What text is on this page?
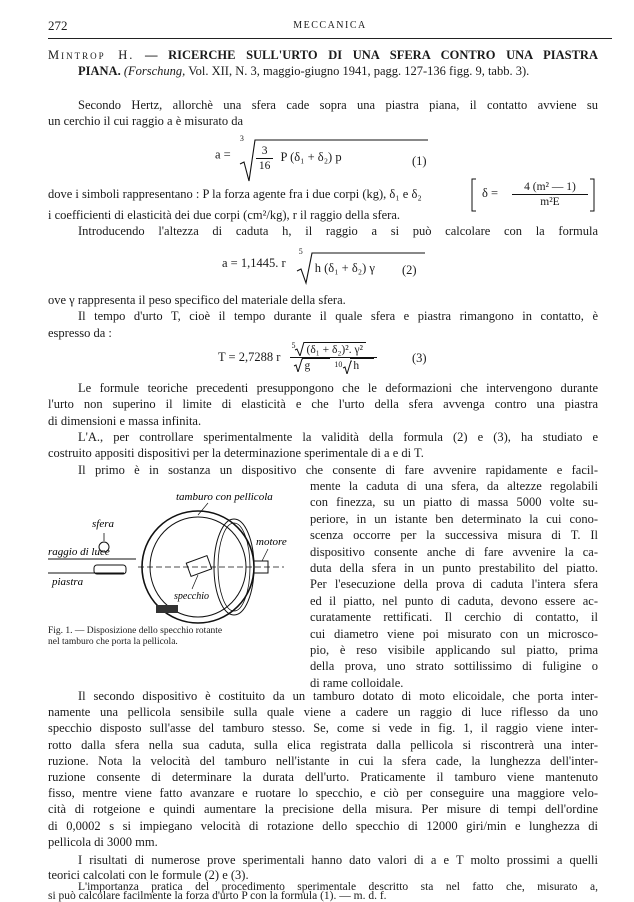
272	MECCANICA
Mintrop H. — RICERCHE SULL'URTO DI UNA SFERA CONTRO UNA PIASTRA
PIANA. (Forschung, Vol. XII, N. 3, maggio-giugno 1941, pagg. 127-136 figg. 9, tabb. 3).
Secondo Hertz, allorchè una sfera cade sopra una piastra piana, il contatto avviene su
un cerchio il cui raggio a è misurato da
a =
3
$\frac{3}{16}$ P (δ₁ + δ₂) p	(1)
dove i simboli rappresentano : P la forza agente fra i due corpi (kg), δ₁ e δ₂	$\delta = \frac{\text{4 (m² — 1)}}{\text{m²E}}$
i coefficienti di elasticità dei due corpi (cm²/kg), r il raggio della sfera.
Introducendo l'altezza di caduta h, il raggio a si può calcolare con la formula
a = 1,1445. r
5
h (δ₁ + δ₂) γ (2)
ove γ rappresenta il peso specifico del materiale della sfera.
Il tempo d'urto T, cioè il tempo durante il quale sfera e piastra rimangono in contatto, è
espresso da :
T = 2,7288 r
5 (δ₁ + δ₂)². γ²
g	10 h
(3)
Le formule teoriche precedenti presuppongono che le deformazioni che intervengono durante
l'urto non superino il limite di elasticità e che l'urto della sfera avvenga contro una piastra
di dimensioni e massa infinita.
L'A., per controllare sperimentalmente la validità della formula (2) e (3), ha studiato e
costruito appositi dispositivi per la determinazione sperimentale di a e di T.
Il primo è in sostanza un dispositivo che consente di fare avvenire rapidamente e facil-
mente la caduta di una sfera, da altezze regolabili
con finezza, su un piatto di massa 5000 volte su-
periore, in un istante ben determinato la cui cono-
scenza occorre per la successiva misura di T. Il
dispositivo consente anche di fare avvenire la ca-
duta della sfera in un punto prestabilito del piatto.
Per l'esecuzione della prova di caduta l'intera sfera
ed il piatto, nel punto di caduta, devono essere ac-
curatamente rettificati. Il cerchio di contatto, il
cui diametro viene poi misurato con un microsco-
pio, è reso visibile applicando sul piatto, prima
della prova, uno strato sottilissimo di fuligine o
di rame colloidale.
tamburo con pellicola
sfera
raggio di luce
piastra
motore
specchio
Fig. 1. — Disposizione dello specchio rotante
nel tamburo che porta la pellicola.
Il secondo dispositivo è costituito da un tamburo dotato di moto elicoidale, che porta inter-
namente una pellicola sensibile sulla quale viene a cadere un raggio di luce riflesso da uno
specchio disposto sull'asse del tamburo stesso. Se, come si vede in fig. 1, il raggio viene inter-
rotto dalla sfera nella sua caduta, sulla elica registrata dalla pellicola si riscontrerà una inter-
ruzione. Nota la velocità del tamburo nell'istante in cui la sfera cade, la lunghezza dell'inter-
ruzione consente di determinare la durata dell'urto. Praticamente il tamburo viene mantenuto
fisso, mentre viene fatto avanzare e ruotare lo specchio, e ciò per conseguire una maggiore velo-
cità di rotgeione e quindi aumentare la precisione della misura. Per misure di tempi dell'ordine
di 0,0002 s si impiegano velocità di rotazione dello specchio di 12000 giri/min e lunghezza di
pellicola di 3000 mm.
I risultati di numerose prove sperimentali hanno dato valori di a e T molto prossimi a quelli
teorici calcolati con le formule (2) e (3).
L'importanza pratica del procedimento sperimentale descritto sta nel fatto che, misurato a,
si può calcolare facilmente la forza d'urto P con la formula (1). — m. d. f.
